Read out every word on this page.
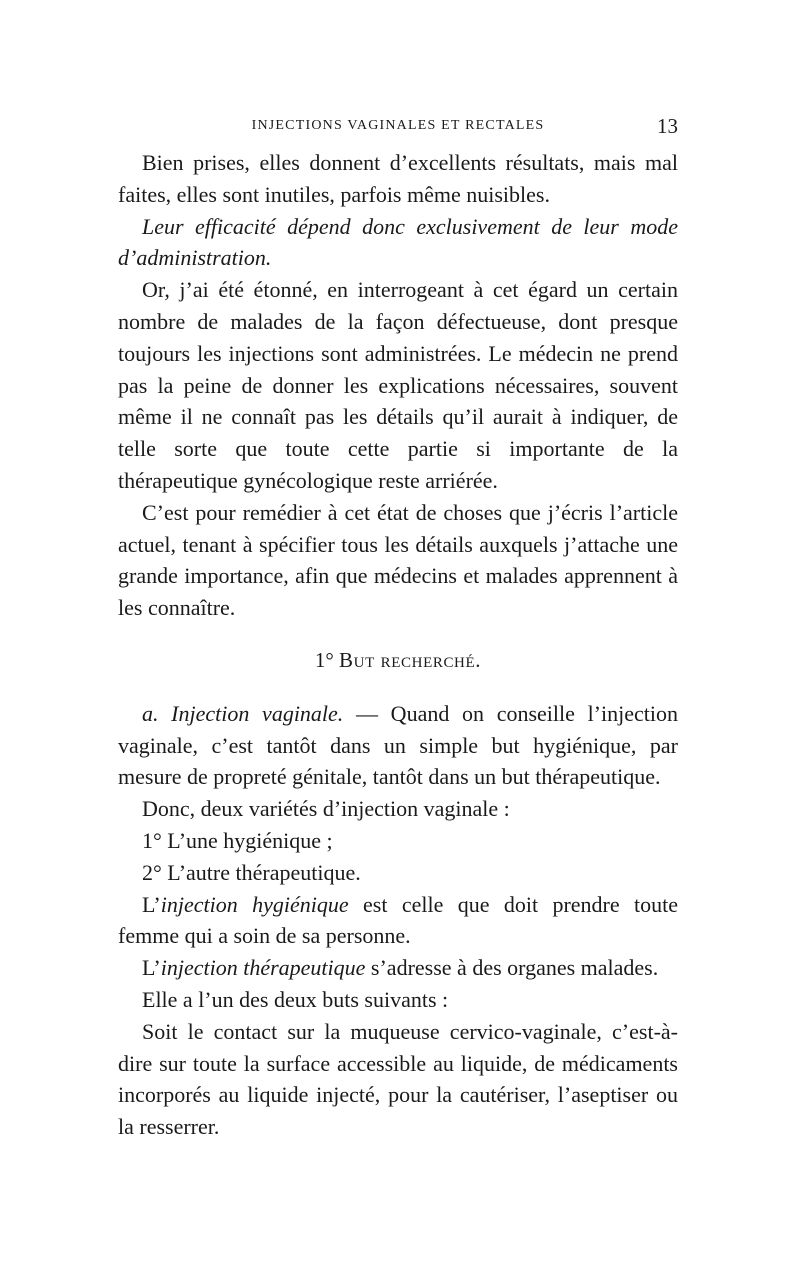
INJECTIONS VAGINALES ET RECTALES	13

Bien prises, elles donnent d’excellents résultats, mais mal faites, elles sont inutiles, parfois même nuisibles.

Leur efficacité dépend donc exclusivement de leur mode d’administration.

Or, j’ai été étonné, en interrogeant à cet égard un certain nombre de malades de la façon défectueuse, dont presque toujours les injections sont administrées. Le médecin ne prend pas la peine de donner les explications nécessaires, souvent même il ne connaît pas les détails qu’il aurait à indiquer, de telle sorte que toute cette partie si importante de la thérapeutique gynécologique reste arriérée.

C’est pour remédier à cet état de choses que j’écris l’article actuel, tenant à spécifier tous les détails auxquels j’attache une grande importance, afin que médecins et malades apprennent à les connaître.

1° But recherché.

a. Injection vaginale. — Quand on conseille l’injection vaginale, c’est tantôt dans un simple but hygiénique, par mesure de propreté génitale, tantôt dans un but thérapeutique.

Donc, deux variétés d’injection vaginale :

1° L’une hygiénique ;

2° L’autre thérapeutique.

L’injection hygiénique est celle que doit prendre toute femme qui a soin de sa personne.

L’injection thérapeutique s’adresse à des organes malades.

Elle a l’un des deux buts suivants :

Soit le contact sur la muqueuse cervico-vaginale, c’est-à-dire sur toute la surface accessible au liquide, de médicaments incorporés au liquide injecté, pour la cautériser, l’aseptiser ou la resserrer.
